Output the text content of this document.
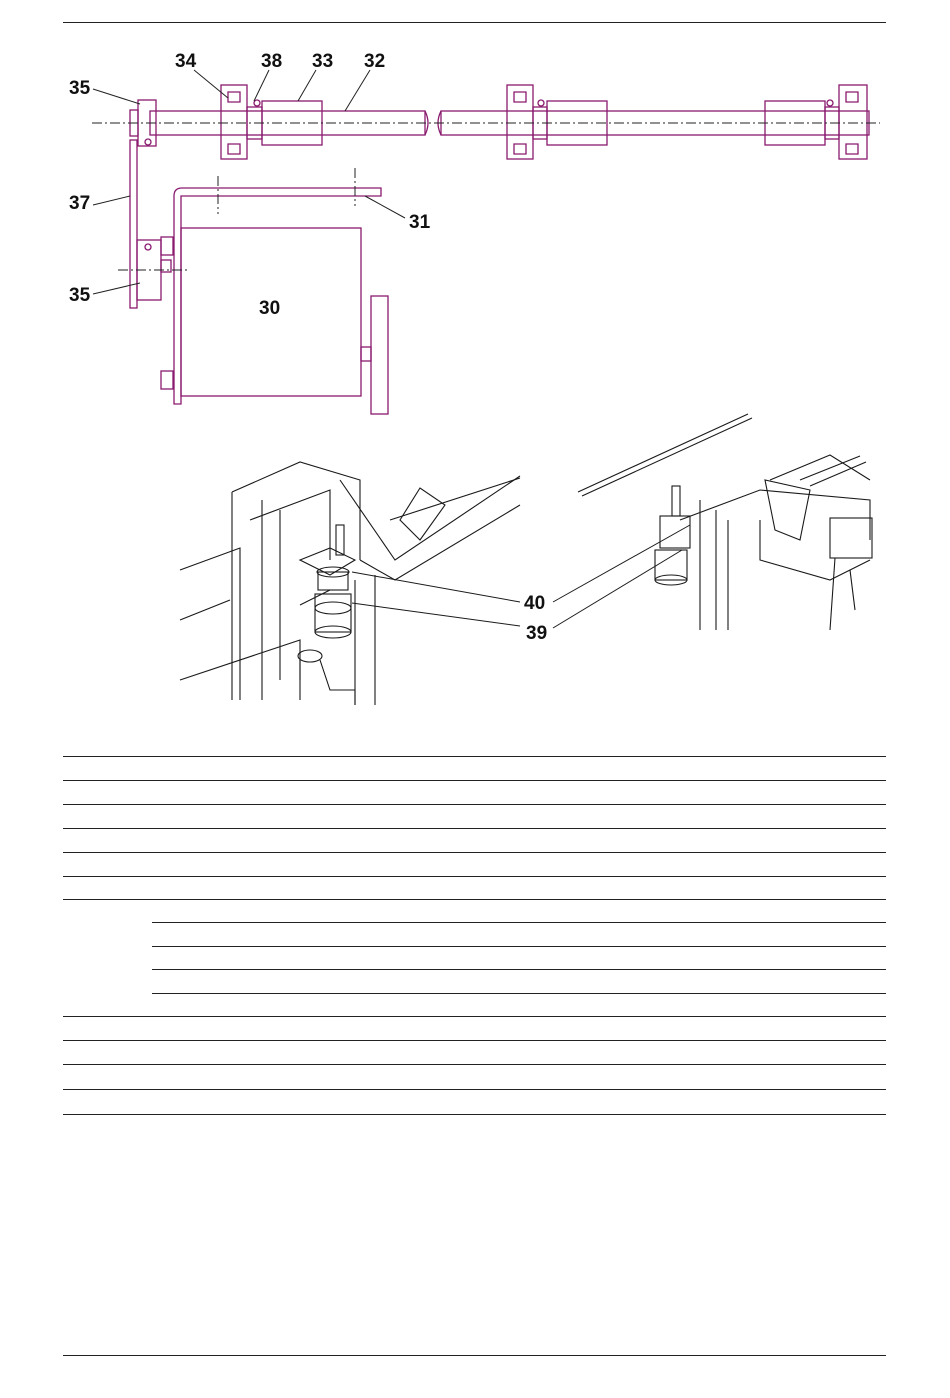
35
34	38 33 32
37
31
35
30
40
39
